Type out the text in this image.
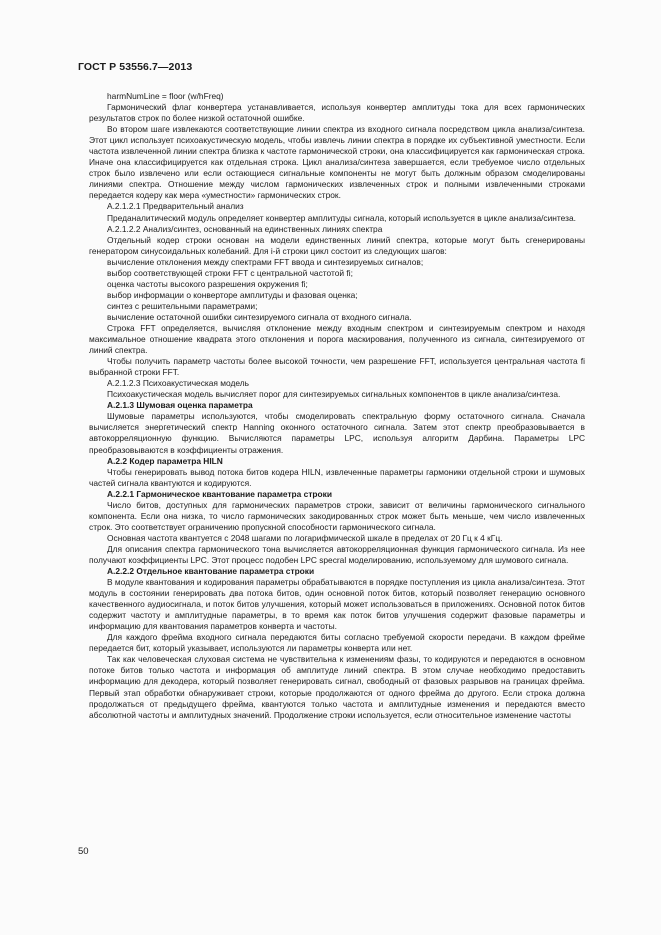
ГОСТ Р 53556.7—2013

harmNumLine = floor (w/hFreq)

Гармонический флаг конвертера устанавливается, используя конвертер амплитуды тока для всех гармонических результатов строк по более низкой остаточной ошибке.

Во втором шаге извлекаются соответствующие линии спектра из входного сигнала посредством цикла анализа/синтеза. Этот цикл использует психоакустическую модель, чтобы извлечь линии спектра в порядке их субъективной уместности. Если частота извлеченной линии спектра близка к частоте гармонической строки, она классифицируется как гармоническая строка. Иначе она классифицируется как отдельная строка. Цикл анализа/синтеза завершается, если требуемое число отдельных строк было извлечено или если остающиеся сигнальные компоненты не могут быть должным образом смоделированы линиями спектра. Отношение между числом гармонических извлеченных строк и полными извлеченными строками передается кодеру как мера «уместности» гармонических строк.

A.2.1.2.1 Предварительный анализ

Преданалитический модуль определяет конвертер амплитуды сигнала, который используется в цикле анализа/синтеза.

A.2.1.2.2 Анализ/синтез, основанный на единственных линиях спектра

Отдельный кодер строки основан на модели единственных линий спектра, которые могут быть сгенерированы генератором синусоидальных колебаний. Для i-й строки цикл состоит из следующих шагов:

вычисление отклонения между спектрами FFT ввода и синтезируемых сигналов;

выбор соответствующей строки FFT с центральной частотой fi;

оценка частоты высокого разрешения окружения fi;

выбор информации о конверторе амплитуды и фазовая оценка;

синтез с решительными параметрами;

вычисление остаточной ошибки синтезируемого сигнала от входного сигнала.

Строка FFT определяется, вычисляя отклонение между входным спектром и синтезируемым спектром и находя максимальное отношение квадрата этого отклонения и порога маскирования, полученного из сигнала, синтезируемого от линий спектра.

Чтобы получить параметр частоты более высокой точности, чем разрешение FFT, используется центральная частота fi выбранной строки FFT.

A.2.1.2.3 Психоакустическая модель

Психоакустическая модель вычисляет порог для синтезируемых сигнальных компонентов в цикле анализа/синтеза.

A.2.1.3 Шумовая оценка параметра

Шумовые параметры используются, чтобы смоделировать спектральную форму остаточного сигнала. Сначала вычисляется энергетический спектр Hanning оконного остаточного сигнала. Затем этот спектр преобразовывается в автокорреляционную функцию. Вычисляются параметры LPC, используя алгоритм Дарбина. Параметры LPC преобразовываются в коэффициенты отражения.

A.2.2 Кодер параметра HILN

Чтобы генерировать вывод потока битов кодера HILN, извлеченные параметры гармоники отдельной строки и шумовых частей сигнала квантуются и кодируются.

A.2.2.1 Гармоническое квантование параметра строки

Число битов, доступных для гармонических параметров строки, зависит от величины гармонического сигнального компонента. Если она низка, то число гармонических закодированных строк может быть меньше, чем число извлеченных строк. Это соответствует ограничению пропускной способности гармонического сигнала.

Основная частота квантуется с 2048 шагами по логарифмической шкале в пределах от 20 Гц к 4 кГц.

Для описания спектра гармонического тона вычисляется автокорреляционная функция гармонического сигнала. Из нее получают коэффициенты LPC. Этот процесс подобен LPC specral моделированию, используемому для шумового сигнала.

A.2.2.2 Отдельное квантование параметра строки

В модуле квантования и кодирования параметры обрабатываются в порядке поступления из цикла анализа/синтеза. Этот модуль в состоянии генерировать два потока битов, один основной поток битов, который позволяет генерацию основного качественного аудиосигнала, и поток битов улучшения, который может использоваться в приложениях. Основной поток битов содержит частоту и амплитудные параметры, в то время как поток битов улучшения содержит фазовые параметры и информацию для квантования параметров конверта и частоты.

Для каждого фрейма входного сигнала передаются биты согласно требуемой скорости передачи. В каждом фрейме передается бит, который указывает, используются ли параметры конверта или нет.

Так как человеческая слуховая система не чувствительна к изменениям фазы, то кодируются и передаются в основном потоке битов только частота и информация об амплитуде линий спектра. В этом случае необходимо предоставить информацию для декодера, который позволяет генерировать сигнал, свободный от фазовых разрывов на границах фрейма. Первый этап обработки обнаруживает строки, которые продолжаются от одного фрейма до другого. Если строка должна продолжаться от предыдущего фрейма, квантуются только частота и амплитудные изменения и передаются вместо абсолютной частоты и амплитудных значений. Продолжение строки используется, если относительное изменение частоты

50
